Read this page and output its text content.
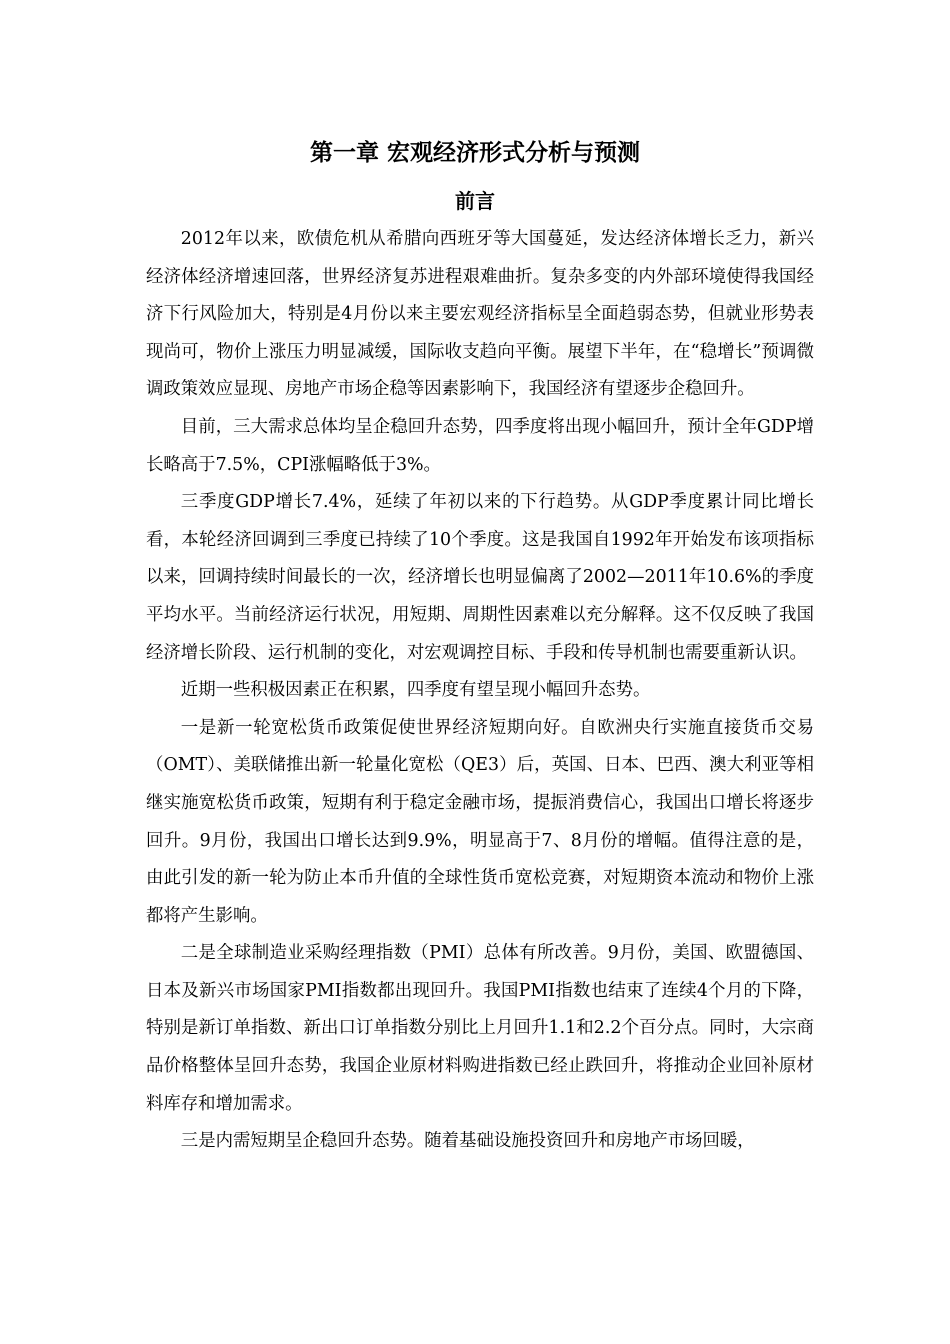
第一章 宏观经济形式分析与预测
前言

2012年以来，欧债危机从希腊向西班牙等大国蔓延，发达经济体增长乏力，新兴经济体经济增速回落，世界经济复苏进程艰难曲折。复杂多变的内外部环境使得我国经济下行风险加大，特别是4月份以来主要宏观经济指标呈全面趋弱态势，但就业形势表现尚可，物价上涨压力明显减缓，国际收支趋向平衡。展望下半年，在“稳增长”预调微调政策效应显现、房地产市场企稳等因素影响下，我国经济有望逐步企稳回升。

目前，三大需求总体均呈企稳回升态势，四季度将出现小幅回升，预计全年GDP增长略高于7.5%，CPI涨幅略低于3%。

三季度GDP增长7.4%，延续了年初以来的下行趋势。从GDP季度累计同比增长看，本轮经济回调到三季度已持续了10个季度。这是我国自1992年开始发布该项指标以来，回调持续时间最长的一次，经济增长也明显偏离了2002—2011年10.6%的季度平均水平。当前经济运行状况，用短期、周期性因素难以充分解释。这不仅反映了我国经济增长阶段、运行机制的变化，对宏观调控目标、手段和传导机制也需要重新认识。

近期一些积极因素正在积累，四季度有望呈现小幅回升态势。

一是新一轮宽松货币政策促使世界经济短期向好。自欧洲央行实施直接货币交易（OMT）、美联储推出新一轮量化宽松（QE3）后，英国、日本、巴西、澳大利亚等相继实施宽松货币政策，短期有利于稳定金融市场，提振消费信心，我国出口增长将逐步回升。9月份，我国出口增长达到9.9%，明显高于7、8月份的增幅。值得注意的是，由此引发的新一轮为防止本币升值的全球性货币宽松竞赛，对短期资本流动和物价上涨都将产生影响。

二是全球制造业采购经理指数（PMI）总体有所改善。9月份，美国、欧盟德国、日本及新兴市场国家PMI指数都出现回升。我国PMI指数也结束了连续4个月的下降，特别是新订单指数、新出口订单指数分别比上月回升1.1和2.2个百分点。同时，大宗商品价格整体呈回升态势，我国企业原材料购进指数已经止跌回升，将推动企业回补原材料库存和增加需求。

三是内需短期呈企稳回升态势。随着基础设施投资回升和房地产市场回暖，
